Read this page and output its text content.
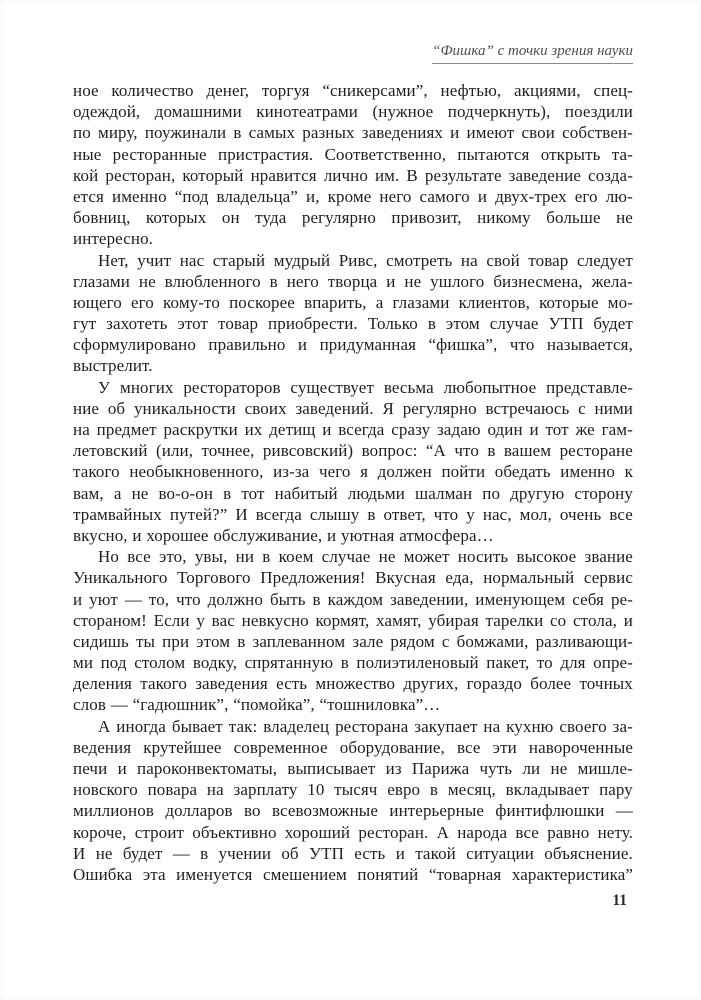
“Фишка” с точки зрения науки
ное количество денег, торгуя “сникерсами”, нефтью, акциями, спец-
одеждой, домашними кинотеатрами (нужное подчеркнуть), поездили
по миру, поужинали в самых разных заведениях и имеют свои собствен-
ные ресторанные пристрастия. Соответственно, пытаются открыть та-
кой ресторан, который нравится лично им. В результате заведение созда-
ется именно “под владельца” и, кроме него самого и двух-трех его лю-
бовниц, которых он туда регулярно привозит, никому больше не
интересно.
Нет, учит нас старый мудрый Ривс, смотреть на свой товар следует
глазами не влюбленного в него творца и не ушлого бизнесмена, жела-
ющего его кому-то поскорее впарить, а глазами клиентов, которые мо-
гут захотеть этот товар приобрести. Только в этом случае УТП будет
сформулировано правильно и придуманная “фишка”, что называется,
выстрелит.
У многих рестораторов существует весьма любопытное представле-
ние об уникальности своих заведений. Я регулярно встречаюсь с ними
на предмет раскрутки их детищ и всегда сразу задаю один и тот же гам-
летовский (или, точнее, ривсовский) вопрос: “А что в вашем ресторане
такого необыкновенного, из-за чего я должен пойти обедать именно к
вам, а не во-о-он в тот набитый людьми шалман по другую сторону
трамвайных путей?” И всегда слышу в ответ, что у нас, мол, очень все
вкусно, и хорошее обслуживание, и уютная атмосфера…
Но все это, увы, ни в коем случае не может носить высокое звание
Уникального Торгового Предложения! Вкусная еда, нормальный сервис
и уют — то, что должно быть в каждом заведении, именующем себя ре-
стораном! Если у вас невкусно кормят, хамят, убирая тарелки со стола, и
сидишь ты при этом в заплеванном зале рядом с бомжами, разливающи-
ми под столом водку, спрятанную в полиэтиленовый пакет, то для опре-
деления такого заведения есть множество других, гораздо более точных
слов — “гадюшник”, “помойка”, “тошниловка”…
А иногда бывает так: владелец ресторана закупает на кухню своего за-
ведения крутейшее современное оборудование, все эти навороченные
печи и пароконвектоматы, выписывает из Парижа чуть ли не мишле-
новского повара на зарплату 10 тысяч евро в месяц, вкладывает пару
миллионов долларов во всевозможные интерьерные финтифлюшки —
короче, строит объективно хороший ресторан. А народа все равно нету.
И не будет — в учении об УТП есть и такой ситуации объяснение.
Ошибка эта именуется смешением понятий “товарная характеристика”
11
